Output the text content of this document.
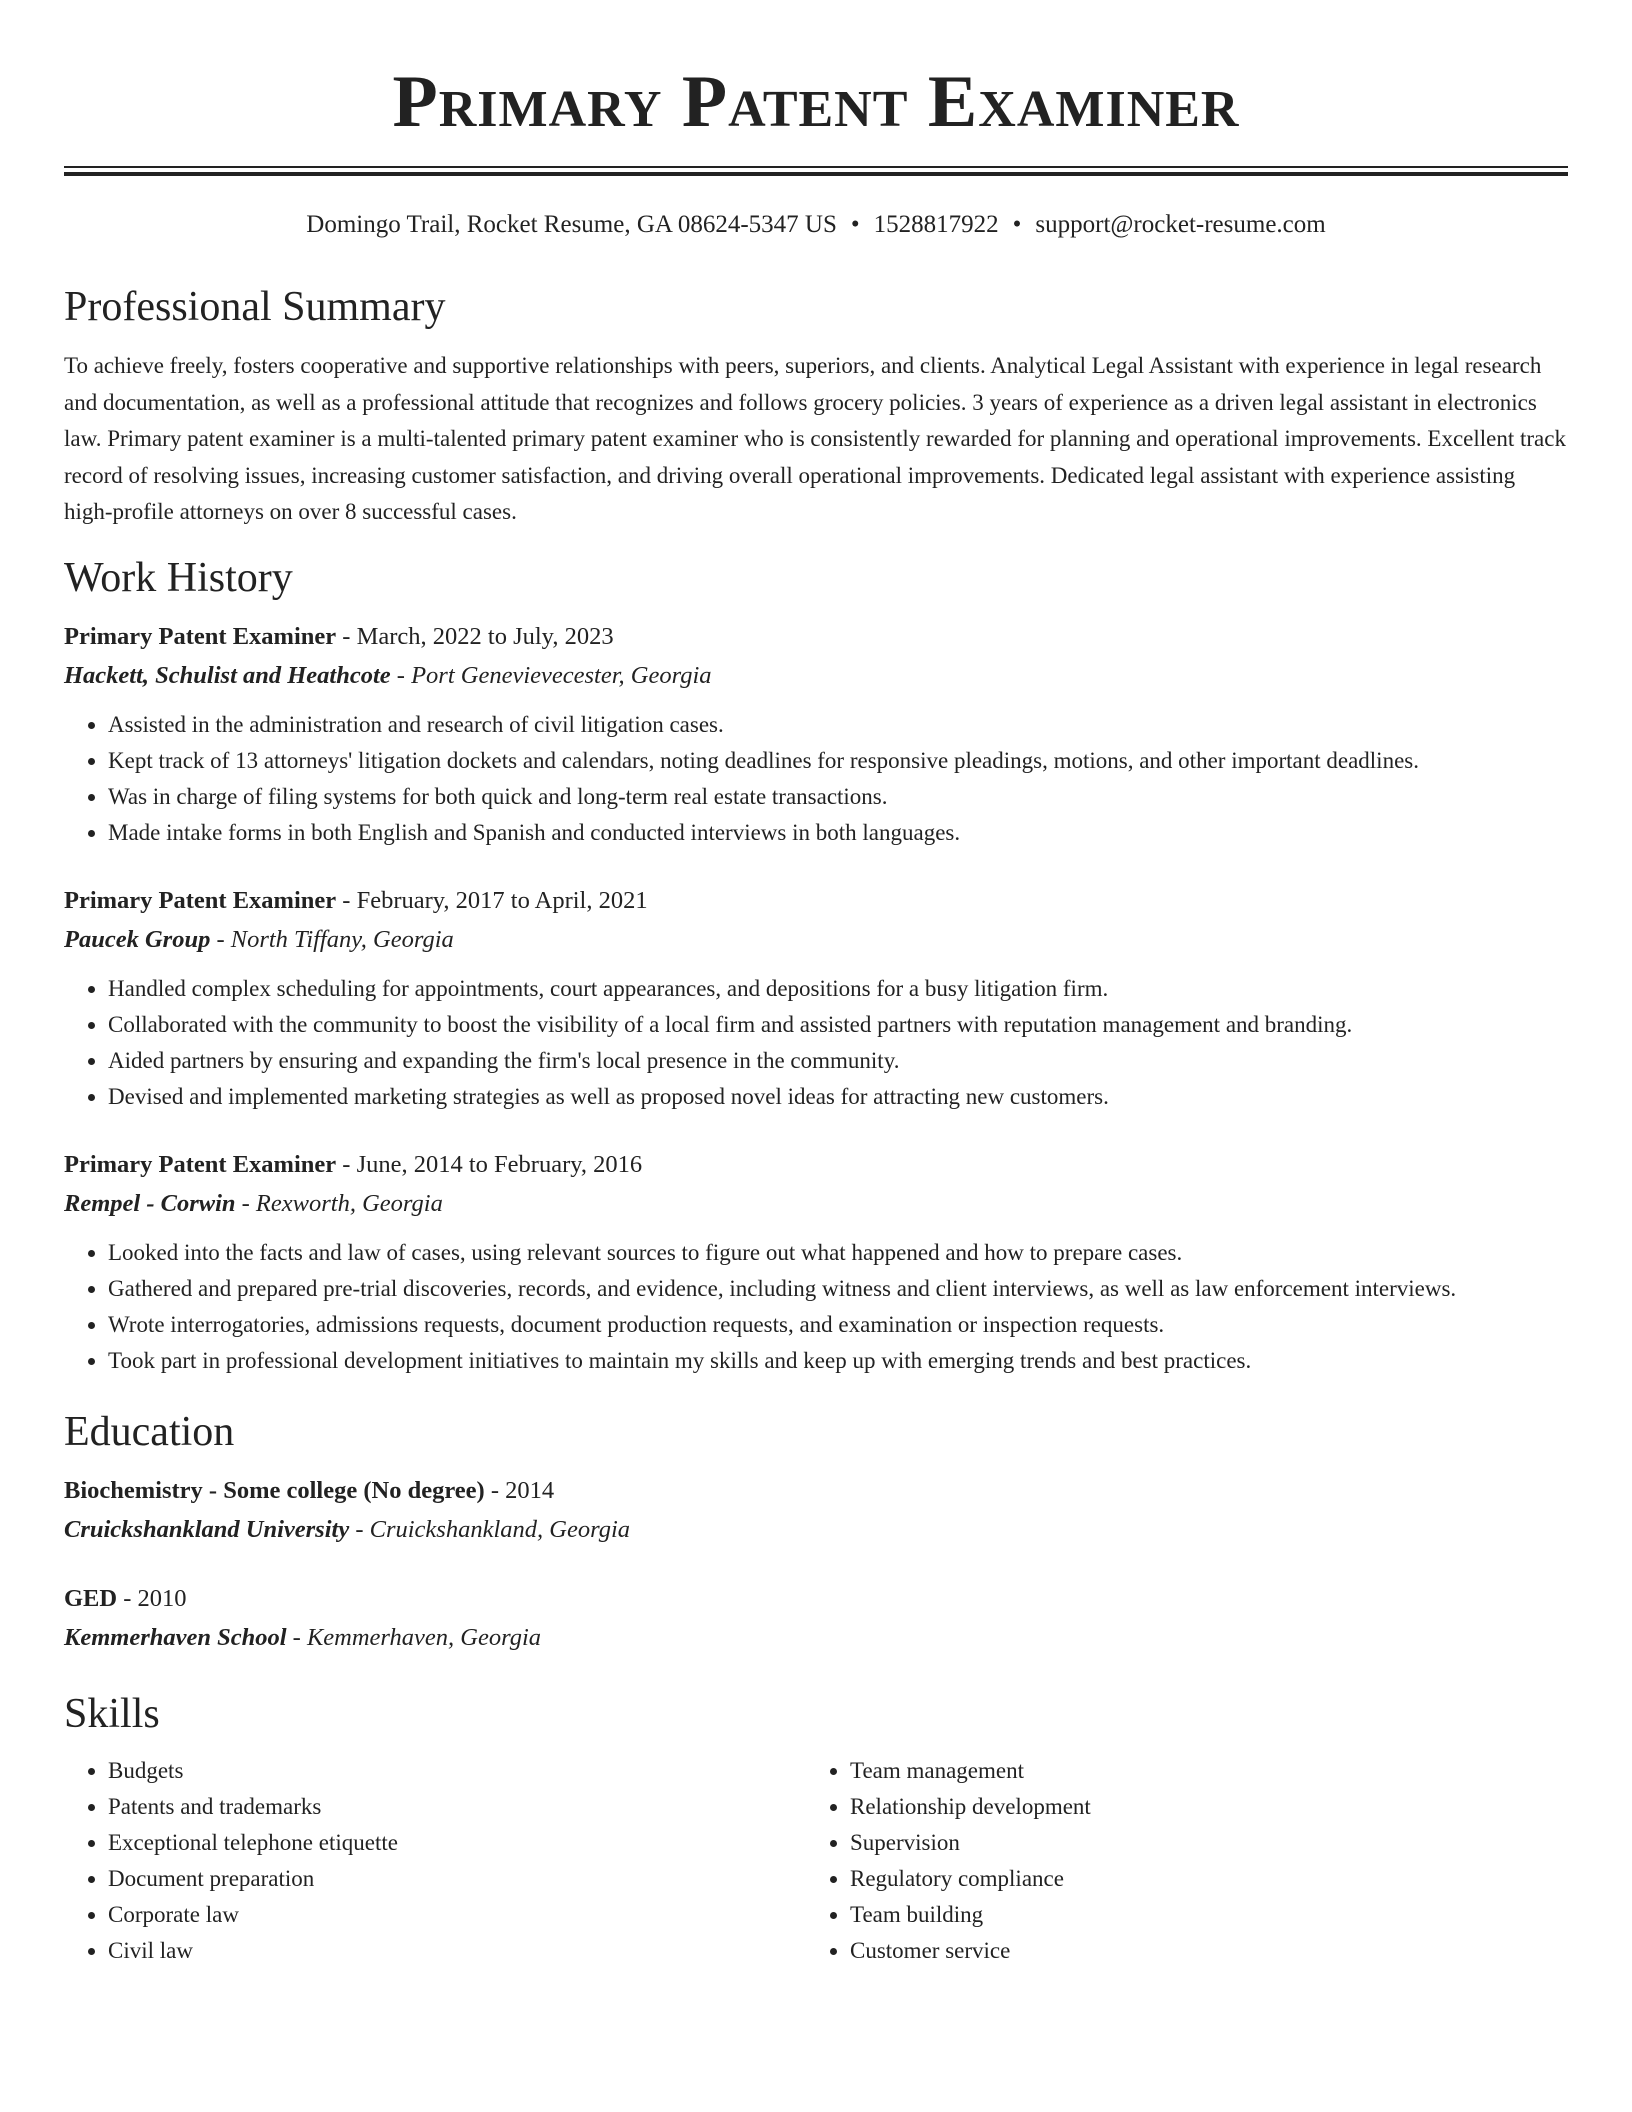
Primary Patent Examiner
Domingo Trail, Rocket Resume, GA 08624-5347 US • 1528817922 • support@rocket-resume.com
Professional Summary
To achieve freely, fosters cooperative and supportive relationships with peers, superiors, and clients. Analytical Legal Assistant with experience in legal research and documentation, as well as a professional attitude that recognizes and follows grocery policies. 3 years of experience as a driven legal assistant in electronics law. Primary patent examiner is a multi-talented primary patent examiner who is consistently rewarded for planning and operational improvements. Excellent track record of resolving issues, increasing customer satisfaction, and driving overall operational improvements. Dedicated legal assistant with experience assisting high-profile attorneys on over 8 successful cases.
Work History
Primary Patent Examiner - March, 2022 to July, 2023
Hackett, Schulist and Heathcote - Port Genevievecester, Georgia
• Assisted in the administration and research of civil litigation cases.
• Kept track of 13 attorneys' litigation dockets and calendars, noting deadlines for responsive pleadings, motions, and other important deadlines.
• Was in charge of filing systems for both quick and long-term real estate transactions.
• Made intake forms in both English and Spanish and conducted interviews in both languages.
Primary Patent Examiner - February, 2017 to April, 2021
Paucek Group - North Tiffany, Georgia
• Handled complex scheduling for appointments, court appearances, and depositions for a busy litigation firm.
• Collaborated with the community to boost the visibility of a local firm and assisted partners with reputation management and branding.
• Aided partners by ensuring and expanding the firm's local presence in the community.
• Devised and implemented marketing strategies as well as proposed novel ideas for attracting new customers.
Primary Patent Examiner - June, 2014 to February, 2016
Rempel - Corwin - Rexworth, Georgia
• Looked into the facts and law of cases, using relevant sources to figure out what happened and how to prepare cases.
• Gathered and prepared pre-trial discoveries, records, and evidence, including witness and client interviews, as well as law enforcement interviews.
• Wrote interrogatories, admissions requests, document production requests, and examination or inspection requests.
• Took part in professional development initiatives to maintain my skills and keep up with emerging trends and best practices.
Education
Biochemistry - Some college (No degree) - 2014
Cruickshankland University - Cruickshankland, Georgia
GED - 2010
Kemmerhaven School - Kemmerhaven, Georgia
Skills
• Budgets
• Patents and trademarks
• Exceptional telephone etiquette
• Document preparation
• Corporate law
• Civil law
• Team management
• Relationship development
• Supervision
• Regulatory compliance
• Team building
• Customer service
